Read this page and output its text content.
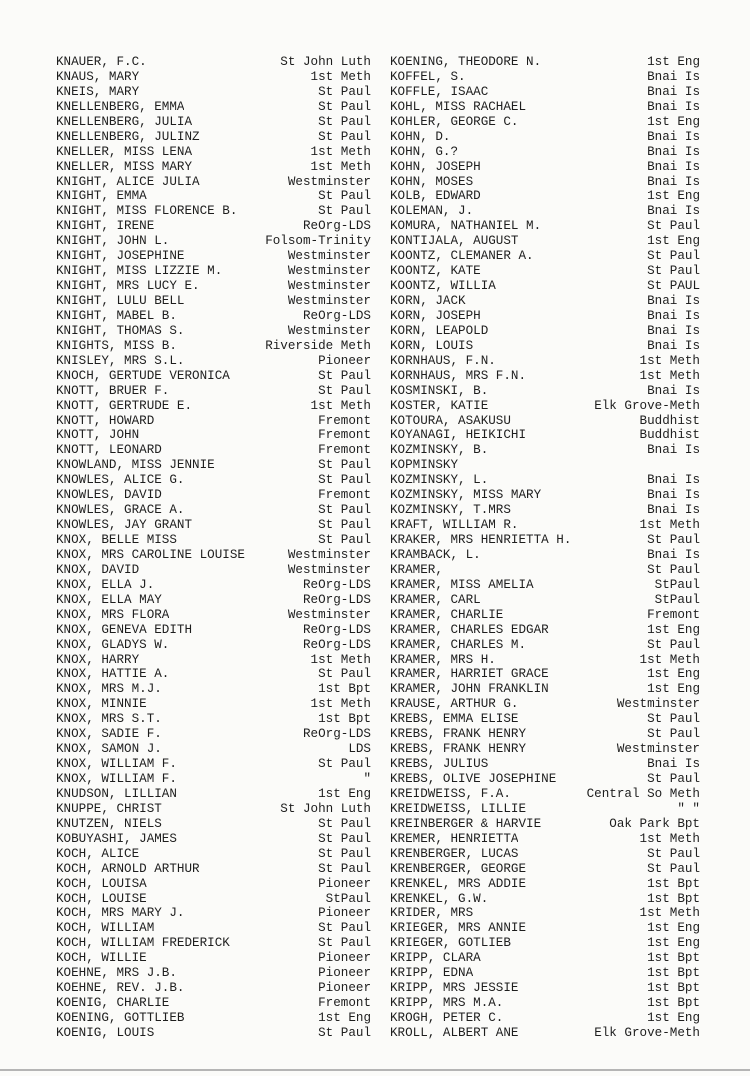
KNAUER, F.C.	St John Luth
KNAUS, MARY	1st Meth
KNEIS, MARY	St Paul
KNELLENBERG, EMMA	St Paul
KNELLENBERG, JULIA	St Paul
KNELLENBERG, JULINZ	St Paul
KNELLER, MISS LENA	1st Meth
KNELLER, MISS MARY	1st Meth
KNIGHT, ALICE JULIA	Westminster
KNIGHT, EMMA	St Paul
KNIGHT, MISS FLORENCE B.	St Paul
KNIGHT, IRENE	ReOrg-LDS
KNIGHT, JOHN L.	Folsom-Trinity
KNIGHT, JOSEPHINE	Westminster
KNIGHT, MISS LIZZIE M.	Westminster
KNIGHT, MRS LUCY E.	Westminster
KNIGHT, LULU BELL	Westminster
KNIGHT, MABEL B.	ReOrg-LDS
KNIGHT, THOMAS S.	Westminster
KNIGHTS, MISS B.	Riverside Meth
KNISLEY, MRS S.L.	Pioneer
KNOCH, GERTUDE VERONICA	St Paul
KNOTT, BRUER F.	St Paul
KNOTT, GERTRUDE E.	1st Meth
KNOTT, HOWARD	Fremont
KNOTT, JOHN	Fremont
KNOTT, LEONARD	Fremont
KNOWLAND, MISS JENNIE	St Paul
KNOWLES, ALICE G.	St Paul
KNOWLES, DAVID	Fremont
KNOWLES, GRACE A.	St Paul
KNOWLES, JAY GRANT	St Paul
KNOX, BELLE MISS	St Paul
KNOX, MRS CAROLINE LOUISE	Westminster
KNOX, DAVID	Westminster
KNOX, ELLA J.	ReOrg-LDS
KNOX, ELLA MAY	ReOrg-LDS
KNOX, MRS FLORA	Westminster
KNOX, GENEVA EDITH	ReOrg-LDS
KNOX, GLADYS W.	ReOrg-LDS
KNOX, HARRY	1st Meth
KNOX, HATTIE A.	St Paul
KNOX, MRS M.J.	1st Bpt
KNOX, MINNIE	1st Meth
KNOX, MRS S.T.	1st Bpt
KNOX, SADIE F.	ReOrg-LDS
KNOX, SAMON J.	LDS
KNOX, WILLIAM F.	St Paul
KNOX, WILLIAM F.	"
KNUDSON, LILLIAN	1st Eng
KNUPPE, CHRIST	St John Luth
KNUTZEN, NIELS	St Paul
KOBUYASHI, JAMES	St Paul
KOCH, ALICE	St Paul
KOCH, ARNOLD ARTHUR	St Paul
KOCH, LOUISA	Pioneer
KOCH, LOUISE	StPaul
KOCH, MRS MARY J.	Pioneer
KOCH, WILLIAM	St Paul
KOCH, WILLIAM FREDERICK	St Paul
KOCH, WILLIE	Pioneer
KOEHNE, MRS J.B.	Pioneer
KOEHNE, REV. J.B.	Pioneer
KOENIG, CHARLIE	Fremont
KOENING, GOTTLIEB	1st Eng
KOENIG, LOUIS	St Paul
KOENING, THEODORE N.	1st Eng
KOFFEL, S.	Bnai Is
KOFFLE, ISAAC	Bnai Is
KOHL, MISS RACHAEL	Bnai Is
KOHLER, GEORGE C.	1st Eng
KOHN, D.	Bnai Is
KOHN, G.?	Bnai Is
KOHN, JOSEPH	Bnai Is
KOHN, MOSES	Bnai Is
KOLB, EDWARD	1st Eng
KOLEMAN, J.	Bnai Is
KOMURA, NATHANIEL M.	St Paul
KONTIJALA, AUGUST	1st Eng
KOONTZ, CLEMANER A.	St Paul
KOONTZ, KATE	St Paul
KOONTZ, WILLIA	St PAUL
KORN, JACK	Bnai Is
KORN, JOSEPH	Bnai Is
KORN, LEAPOLD	Bnai Is
KORN, LOUIS	Bnai Is
KORNHAUS, F.N.	1st Meth
KORNHAUS, MRS F.N.	1st Meth
KOSMINSKI, B.	Bnai Is
KOSTER, KATIE	Elk Grove-Meth
KOTOURA, ASAKUSU	Buddhist
KOYANAGI, HEIKICHI	Buddhist
KOZMINSKY, B.	Bnai Is
KOPMINSKY
KOZMINSKY, L.	Bnai Is
KOZMINSKY, MISS MARY	Bnai Is
KOZMINSKY, T.MRS	Bnai Is
KRAFT, WILLIAM R.	1st Meth
KRAKER, MRS HENRIETTA H.	St Paul
KRAMBACK, L.	Bnai Is
KRAMER,	St Paul
KRAMER, MISS AMELIA	StPaul
KRAMER, CARL	StPaul
KRAMER, CHARLIE	Fremont
KRAMER, CHARLES EDGAR	1st Eng
KRAMER, CHARLES M.	St Paul
KRAMER, MRS H.	1st Meth
KRAMER, HARRIET GRACE	1st Eng
KRAMER, JOHN FRANKLIN	1st Eng
KRAUSE, ARTHUR G.	Westminster
KREBS, EMMA ELISE	St Paul
KREBS, FRANK HENRY	St Paul
KREBS, FRANK HENRY	Westminster
KREBS, JULIUS	Bnai Is
KREBS, OLIVE JOSEPHINE	St Paul
KREIDWEISS, F.A.	Central So Meth
KREIDWEISS, LILLIE	" "
KREINBERGER & HARVIE	Oak Park Bpt
KREMER, HENRIETTA	1st Meth
KRENBERGER, LUCAS	St Paul
KRENBERGER, GEORGE	St Paul
KRENKEL, MRS ADDIE	1st Bpt
KRENKEL, G.W.	1st Bpt
KRIDER, MRS	1st Meth
KRIEGER, MRS ANNIE	1st Eng
KRIEGER, GOTLIEB	1st Eng
KRIPP, CLARA	1st Bpt
KRIPP, EDNA	1st Bpt
KRIPP, MRS JESSIE	1st Bpt
KRIPP, MRS M.A.	1st Bpt
KROGH, PETER C.	1st Eng
KROLL, ALBERT ANE	Elk Grove-Meth
